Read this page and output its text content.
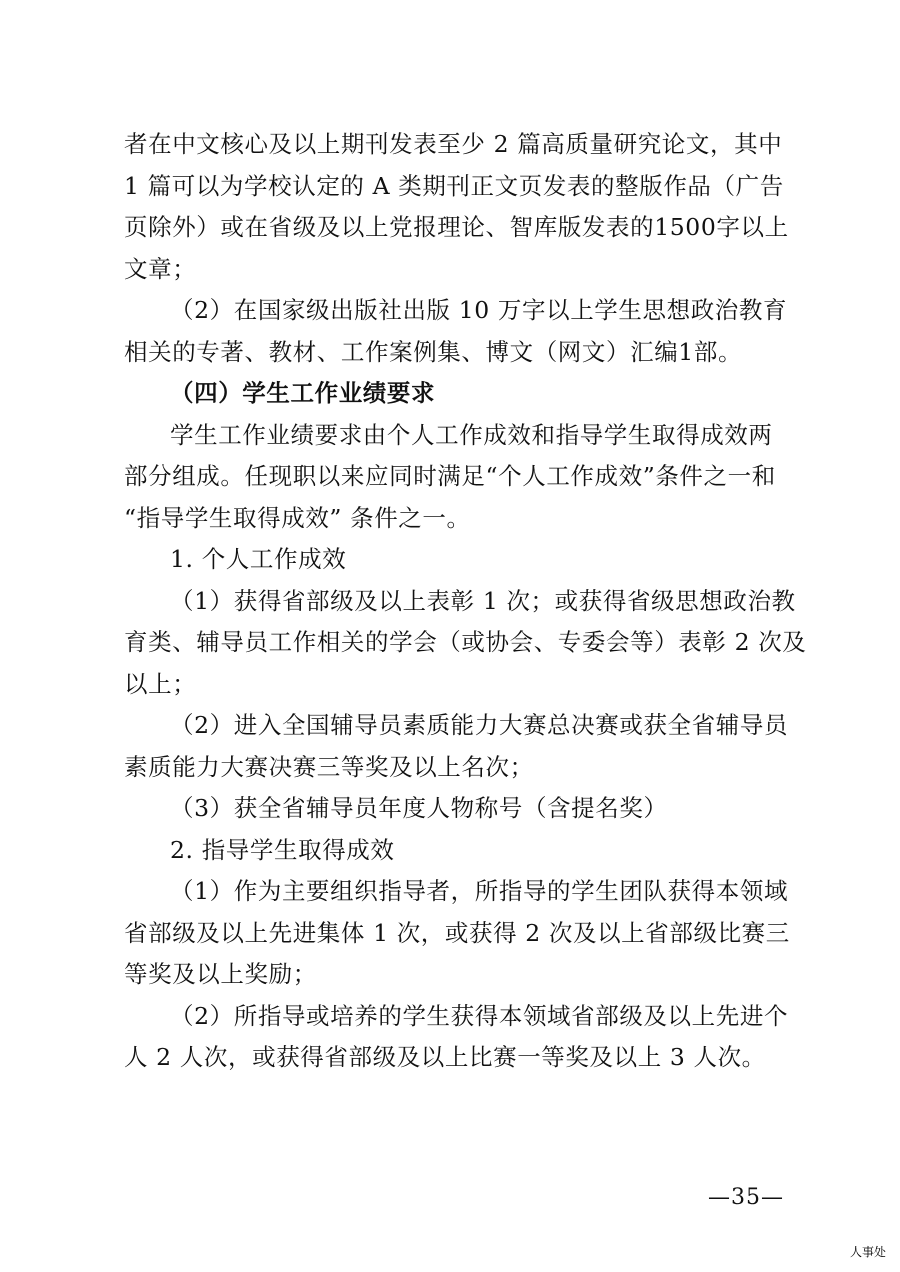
者在中文核心及以上期刊发表至少 2 篇高质量研究论文，其中
1 篇可以为学校认定的 A 类期刊正文页发表的整版作品（广告
页除外）或在省级及以上党报理论、智库版发表的1500字以上
文章；
（2）在国家级出版社出版 10 万字以上学生思想政治教育
相关的专著、教材、工作案例集、博文（网文）汇编1部。
（四）学生工作业绩要求
学生工作业绩要求由个人工作成效和指导学生取得成效两
部分组成。任现职以来应同时满足“个人工作成效”条件之一和
“指导学生取得成效” 条件之一。
1. 个人工作成效
（1）获得省部级及以上表彰 1 次；或获得省级思想政治教
育类、辅导员工作相关的学会（或协会、专委会等）表彰 2 次及
以上；
（2）进入全国辅导员素质能力大赛总决赛或获全省辅导员
素质能力大赛决赛三等奖及以上名次；
（3）获全省辅导员年度人物称号（含提名奖）
2. 指导学生取得成效
（1）作为主要组织指导者，所指导的学生团队获得本领域
省部级及以上先进集体 1 次，或获得 2 次及以上省部级比赛三
等奖及以上奖励；
（2）所指导或培养的学生获得本领域省部级及以上先进个
人 2 人次，或获得省部级及以上比赛一等奖及以上 3 人次。
—35—
人事处
